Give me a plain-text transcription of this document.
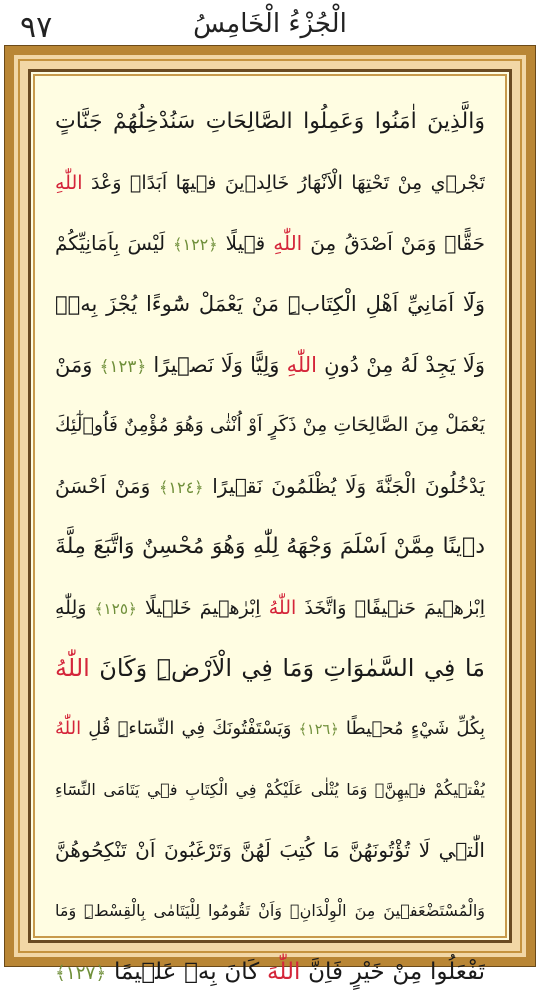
٩٧	الْجُزْءُ الْخَامِسُ
وَالَّذِينَ اٰمَنُوا وَعَمِلُوا الصَّالِحَاتِ سَنُدْخِلُهُمْ جَنَّاتٍ
تَجْرٖي مِنْ تَحْتِهَا الْاَنْهَارُ خَالِدٖينَ فٖيهَٓا اَبَدًاۜ وَعْدَ اللّٰهِ
حَقًّاۜ وَمَنْ اَصْدَقُ مِنَ اللّٰهِ قٖيلًا ﴿١٢٢﴾ لَيْسَ بِاَمَانِيِّكُمْ
وَلَٓا اَمَانِيِّ اَهْلِ الْكِتَابِۜ مَنْ يَعْمَلْ سُٓوءًا يُجْزَ بِهٖۙ
وَلَا يَجِدْ لَهُ مِنْ دُونِ اللّٰهِ وَلِيًّا وَلَا نَصٖيرًا ﴿١٢٣﴾ وَمَنْ
يَعْمَلْ مِنَ الصَّالِحَاتِ مِنْ ذَكَرٍ اَوْ اُنْثٰى وَهُوَ مُؤْمِنٌ فَاُو۬لٰٓئِكَ
يَدْخُلُونَ الْجَنَّةَ وَلَا يُظْلَمُونَ نَقٖيرًا ﴿١٢٤﴾ وَمَنْ اَحْسَنُ
دٖينًا مِمَّنْ اَسْلَمَ وَجْهَهُ لِلّٰهِ وَهُوَ مُحْسِنٌ وَاتَّبَعَ مِلَّةَ
اِبْرٰهٖيمَ حَنٖيفًاۜ وَاتَّخَذَ اللّٰهُ اِبْرٰهٖيمَ خَلٖيلًا ﴿١٢٥﴾ وَلِلّٰهِ
مَا فِي السَّمٰوَاتِ وَمَا فِي الْاَرْضِۜ وَكَانَ اللّٰهُ
بِكُلِّ شَيْءٍ مُحٖيطًا ﴿١٢٦﴾ وَيَسْتَفْتُونَكَ فِي النِّسَٓاءِۜ قُلِ اللّٰهُ
يُفْتٖيكُمْ فٖيهِنَّۙ وَمَا يُتْلٰى عَلَيْكُمْ فِي الْكِتَابِ فٖي يَتَامَى النِّسَٓاءِ
الّٰتٖي لَا تُؤْتُونَهُنَّ مَا كُتِبَ لَهُنَّ وَتَرْغَبُونَ اَنْ تَنْكِحُوهُنَّ
وَالْمُسْتَضْعَفٖينَ مِنَ الْوِلْدَانِۙ وَاَنْ تَقُومُوا لِلْيَتَامٰى بِالْقِسْطِۜ وَمَا
تَفْعَلُوا مِنْ خَيْرٍ فَاِنَّ اللّٰهَ كَانَ بِهٖ عَلٖيمًا ﴿١٢٧﴾
